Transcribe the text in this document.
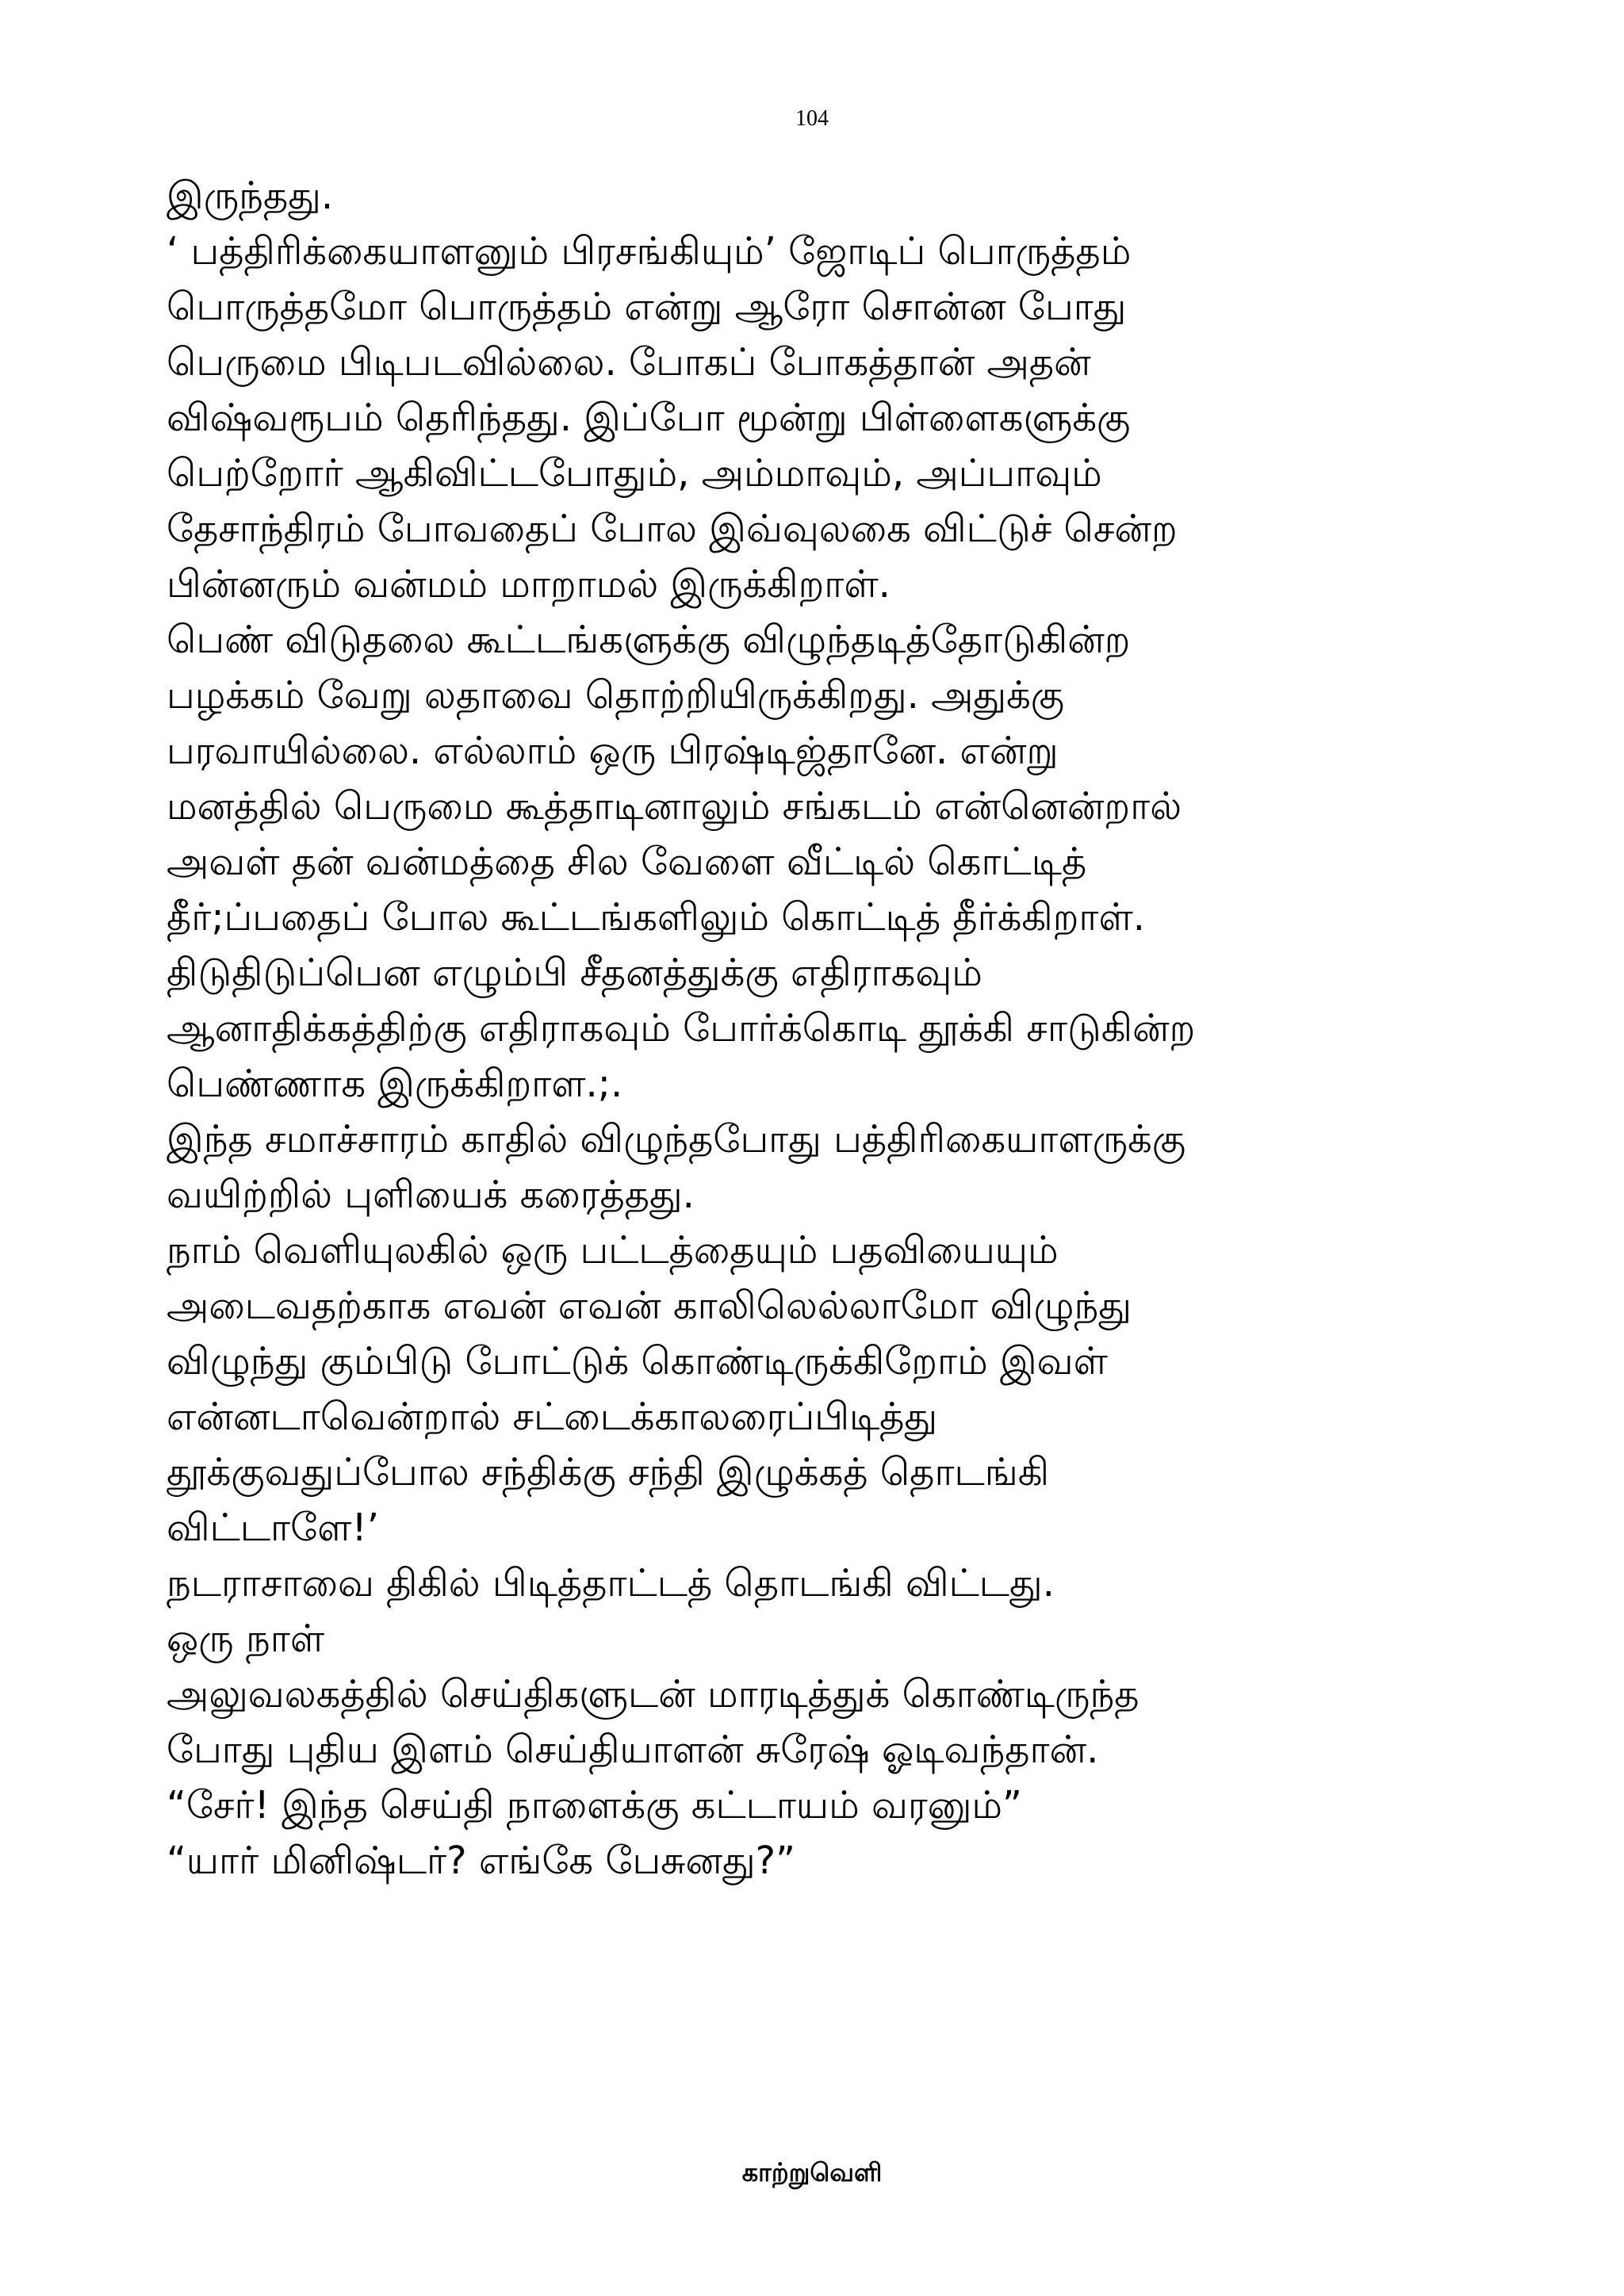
104
இருந்தது.
‘ பத்திரிக்கையாளனும் பிரசங்கியும்’ ஜோடிப் பொருத்தம்
பொருத்தமோ பொருத்தம் என்று ஆரோ சொன்ன போது
பெருமை பிடிபடவில்லை. போகப் போகத்தான் அதன்
விஷ்வரூபம் தெரிந்தது. இப்போ மூன்று பிள்ளைகளுக்கு
பெற்றோர் ஆகிவிட்டபோதும், அம்மாவும், அப்பாவும்
தேசாந்திரம் போவதைப் போல இவ்வுலகை விட்டுச் சென்ற
பின்னரும் வன்மம் மாறாமல் இருக்கிறாள்.
பெண் விடுதலை கூட்டங்களுக்கு விழுந்தடித்தோடுகின்ற
பழக்கம் வேறு லதாவை தொற்றியிருக்கிறது. அதுக்கு
பரவாயில்லை. எல்லாம் ஒரு பிரஷ்டிஜ்தானே. என்று
மனத்தில் பெருமை கூத்தாடினாலும் சங்கடம் என்னென்றால்
அவள் தன் வன்மத்தை சில வேளை வீட்டில் கொட்டித்
தீர்;ப்பதைப் போல கூட்டங்களிலும் கொட்டித் தீர்க்கிறாள்.
திடுதிடுப்பென எழும்பி சீதனத்துக்கு எதிராகவும்
ஆனாதிக்கத்திற்கு எதிராகவும் போர்க்கொடி தூக்கி சாடுகின்ற
பெண்ணாக இருக்கிறாள.;.
இந்த சமாச்சாரம் காதில் விழுந்தபோது பத்திரிகையாளருக்கு
வயிற்றில் புளியைக் கரைத்தது.
நாம் வெளியுலகில் ஒரு பட்டத்தையும் பதவியையும்
அடைவதற்காக எவன் எவன் காலிலெல்லாமோ விழுந்து
விழுந்து கும்பிடு போட்டுக் கொண்டிருக்கிறோம் இவள்
என்னடாவென்றால் சட்டைக்காலரைப்பிடித்து
தூக்குவதுப்போல சந்திக்கு சந்தி இழுக்கத் தொடங்கி
விட்டாளே!’
நடராசாவை திகில் பிடித்தாட்டத் தொடங்கி விட்டது.
ஒரு நாள்
அலுவலகத்தில் செய்திகளுடன் மாரடித்துக் கொண்டிருந்த
போது புதிய இளம் செய்தியாளன் சுரேஷ் ஓடிவந்தான்.
“சேர்! இந்த செய்தி நாளைக்கு கட்டாயம் வரனும்”
“யார் மினிஷ்டர்? எங்கே பேசுனது?”
காற்றுவெளி
